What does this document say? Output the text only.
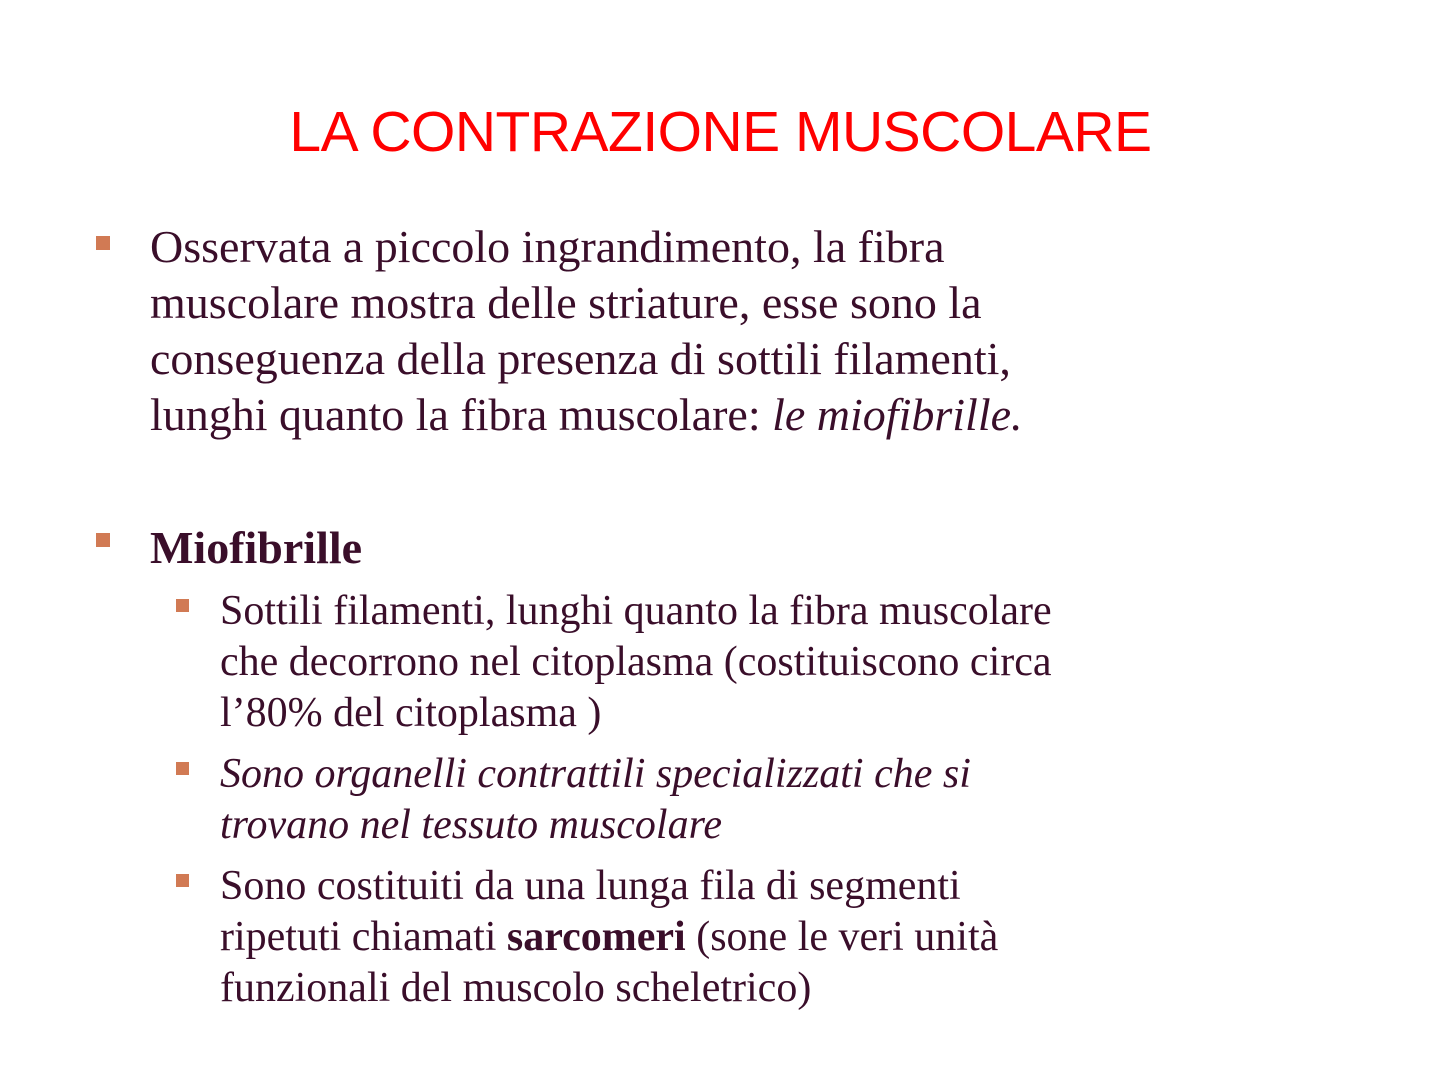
LA CONTRAZIONE MUSCOLARE
Osservata a piccolo ingrandimento, la fibra
muscolare mostra delle striature, esse sono la
conseguenza della presenza di sottili filamenti,
lunghi quanto la fibra muscolare: le miofibrille.
Miofibrille
Sottili filamenti, lunghi quanto la fibra muscolare
che decorrono nel citoplasma (costituiscono circa
l’80% del citoplasma )
Sono organelli contrattili specializzati che si
trovano nel tessuto muscolare
Sono costituiti da una lunga fila di segmenti
ripetuti chiamati sarcomeri (sone le veri unità
funzionali del muscolo scheletrico)
